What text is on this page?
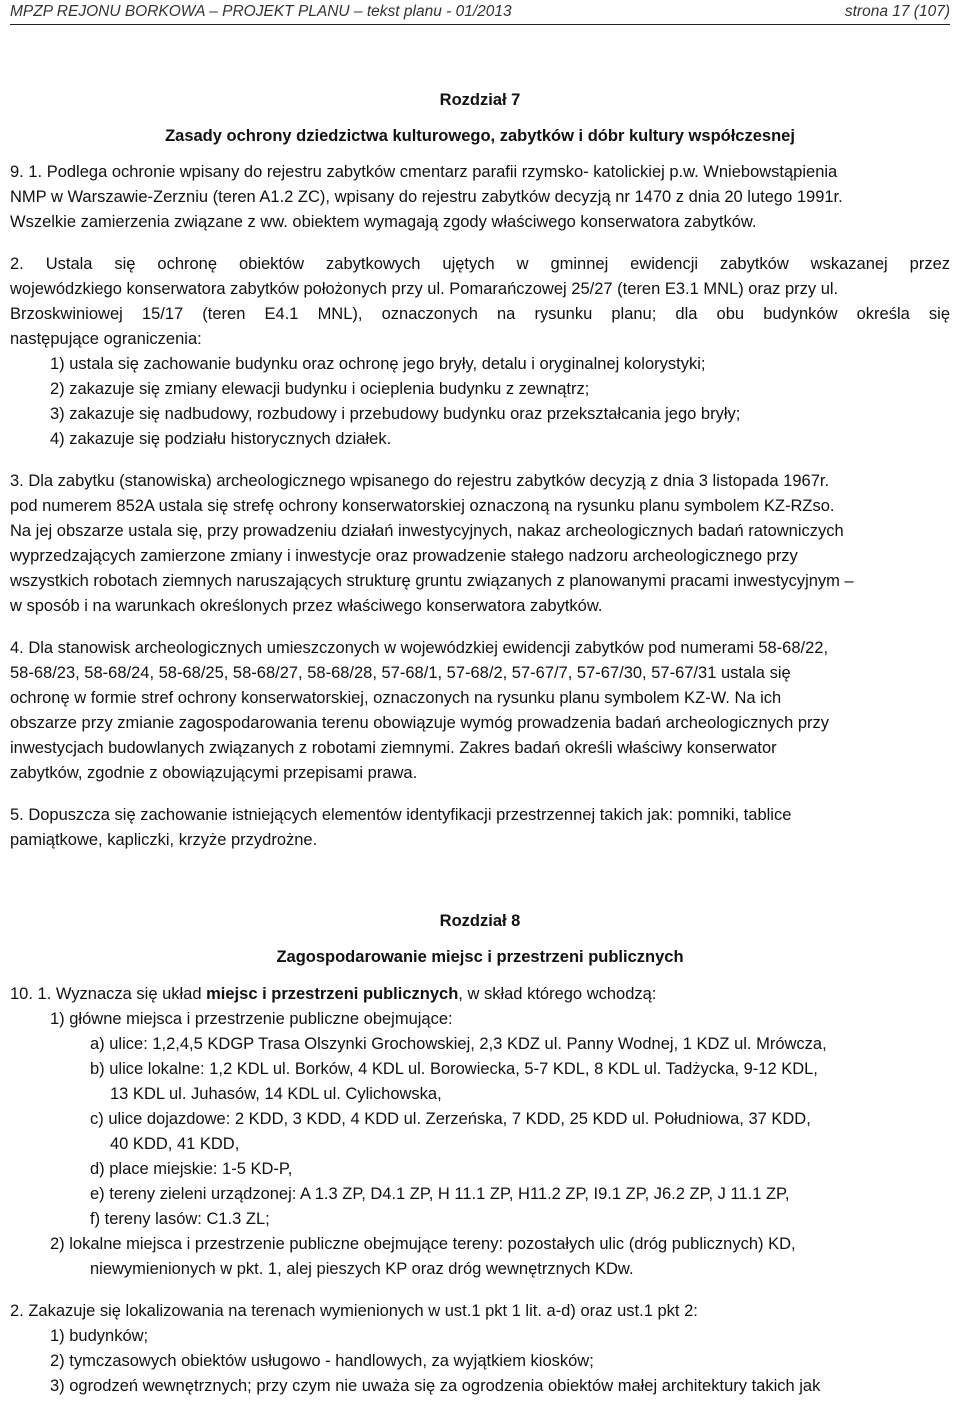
MPZP REJONU BORKOWA – PROJEKT PLANU – tekst planu - 01/2013	strona 17 (107)
Rozdział 7
Zasady ochrony dziedzictwa kulturowego, zabytków i dóbr kultury współczesnej
9. 1. Podlega ochronie wpisany do rejestru zabytków cmentarz parafii rzymsko- katolickiej p.w. Wniebowstąpienia
NMP w Warszawie-Zerzniu (teren A1.2 ZC), wpisany do rejestru zabytków decyzją nr 1470 z dnia 20 lutego 1991r.
Wszelkie zamierzenia związane z ww. obiektem wymagają zgody właściwego konserwatora zabytków.
2. Ustala się ochronę obiektów zabytkowych ujętych w gminnej ewidencji zabytków wskazanej przez
wojewódzkiego konserwatora zabytków położonych przy ul. Pomarańczowej 25/27 (teren E3.1 MNL) oraz przy ul.
Brzoskwiniowej 15/17 (teren E4.1 MNL), oznaczonych na rysunku planu; dla obu budynków określa się
następujące ograniczenia:
1) ustala się zachowanie budynku oraz ochronę jego bryły, detalu i oryginalnej kolorystyki;
2) zakazuje się zmiany elewacji budynku i ocieplenia budynku z zewnątrz;
3) zakazuje się nadbudowy, rozbudowy i przebudowy budynku oraz przekształcania jego bryły;
4) zakazuje się podziału historycznych działek.
3. Dla zabytku (stanowiska) archeologicznego wpisanego do rejestru zabytków decyzją z dnia 3 listopada 1967r.
pod numerem 852A ustala się strefę ochrony konserwatorskiej oznaczoną na rysunku planu symbolem KZ-RZso.
Na jej obszarze ustala się, przy prowadzeniu działań inwestycyjnych, nakaz archeologicznych badań ratowniczych
wyprzedzających zamierzone zmiany i inwestycje oraz prowadzenie stałego nadzoru archeologicznego przy
wszystkich robotach ziemnych naruszających strukturę gruntu związanych z planowanymi pracami inwestycyjnym –
w sposób i na warunkach określonych przez właściwego konserwatora zabytków.
4. Dla stanowisk archeologicznych umieszczonych w wojewódzkiej ewidencji zabytków pod numerami 58-68/22,
58-68/23, 58-68/24, 58-68/25, 58-68/27, 58-68/28, 57-68/1, 57-68/2, 57-67/7, 57-67/30, 57-67/31 ustala się
ochronę w formie stref ochrony konserwatorskiej, oznaczonych na rysunku planu symbolem KZ-W. Na ich
obszarze przy zmianie zagospodarowania terenu obowiązuje wymóg prowadzenia badań archeologicznych przy
inwestycjach budowlanych związanych z robotami ziemnymi. Zakres badań określi właściwy konserwator
zabytków, zgodnie z obowiązującymi przepisami prawa.
5. Dopuszcza się zachowanie istniejących elementów identyfikacji przestrzennej takich jak: pomniki, tablice
pamiątkowe, kapliczki, krzyże przydrożne.
Rozdział 8
Zagospodarowanie miejsc i przestrzeni publicznych
10. 1. Wyznacza się układ miejsc i przestrzeni publicznych, w skład którego wchodzą:
1) główne miejsca i przestrzenie publiczne obejmujące:
a) ulice: 1,2,4,5 KDGP Trasa Olszynki Grochowskiej, 2,3 KDZ ul. Panny Wodnej, 1 KDZ ul. Mrówcza,
b) ulice lokalne: 1,2 KDL ul. Borków, 4 KDL ul. Borowiecka, 5-7 KDL, 8 KDL ul. Tadżycka, 9-12 KDL,
13 KDL ul. Juhasów, 14 KDL ul. Cylichowska,
c) ulice dojazdowe: 2 KDD, 3 KDD, 4 KDD ul. Zerzeńska, 7 KDD, 25 KDD ul. Południowa, 37 KDD,
40 KDD, 41 KDD,
d) place miejskie: 1-5 KD-P,
e) tereny zieleni urządzonej: A 1.3 ZP, D4.1 ZP, H 11.1 ZP, H11.2 ZP, I9.1 ZP, J6.2 ZP, J 11.1 ZP,
f) tereny lasów: C1.3 ZL;
2) lokalne miejsca i przestrzenie publiczne obejmujące tereny: pozostałych ulic (dróg publicznych) KD,
niewymienionych w pkt. 1, alej pieszych KP oraz dróg wewnętrznych KDw.
2. Zakazuje się lokalizowania na terenach wymienionych w ust.1 pkt 1 lit. a-d) oraz ust.1 pkt 2:
1) budynków;
2) tymczasowych obiektów usługowo - handlowych, za wyjątkiem kiosków;
3) ogrodzeń wewnętrznych; przy czym nie uważa się za ogrodzenia obiektów małej architektury takich jak
